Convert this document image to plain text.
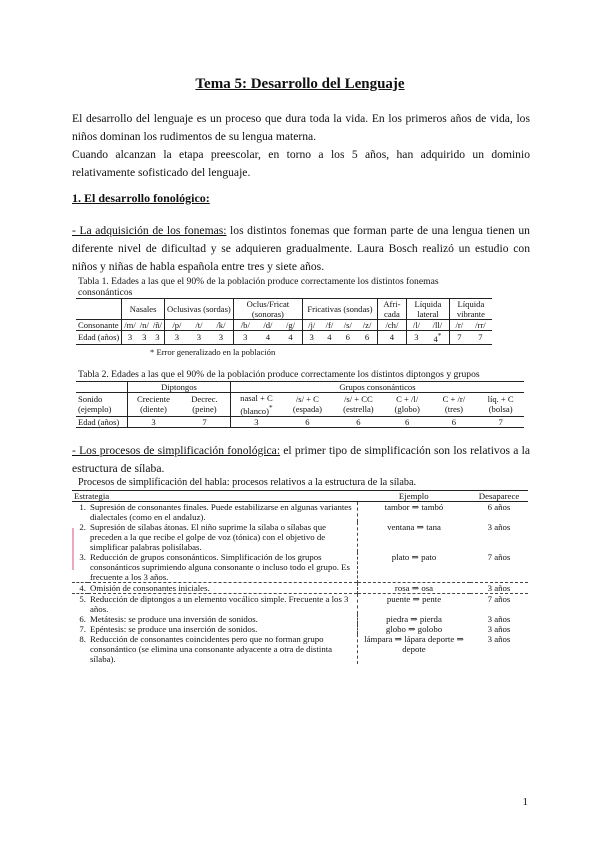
Tema 5: Desarrollo del Lenguaje
El desarrollo del lenguaje es un proceso que dura toda la vida. En los primeros años de vida, los niños dominan los rudimentos de su lengua materna.
Cuando alcanzan la etapa preescolar, en torno a los 5 años, han adquirido un dominio relativamente sofisticado del lenguaje.
1. El desarrollo fonológico:
- La adquisición de los fonemas: los distintos fonemas que forman parte de una lengua tienen un diferente nivel de dificultad y se adquieren gradualmente. Laura Bosch realizó un estudio con niños y niñas de habla española entre tres y siete años.
Tabla 1. Edades a las que el 90% de la población produce correctamente los distintos fonemas consonánticos
	Nasales			Oclusivas (sordas)			Oclus/Fricat (sonoras)			Fricativas (sondas)				Afri-cada	Líquida lateral		Líquida vibrante	
Consonante	/m/	/n/	/ñ/	/p/	/t/	/k/	/b/	/d/	/g/	/j/	/f/	/s/	/z/	/ch/	/l/	/ll/	/r/	/rr/
Edad (años)	3	3	3	3	3	3	3	4	4	3	4	6	6	4	3	4*	7	7
* Error generalizado en la población
Tabla 2. Edades a las que el 90% de la población produce correctamente los distintos diptongos y grupos
	Diptongos		Grupos consonánticos					
Sonido (ejemplo)	Creciente (diente)	Decrec. (peine)	nasal + C (blanco)*	/s/ + C (espada)	/s/ + CC (estrella)	C + /l/ (globo)	C + /r/ (tres)	líq. + C (bolsa)
Edad (años)	3	7	3	6	6	6	6	7
- Los procesos de simplificación fonológica: el primer tipo de simplificación son los relativos a la estructura de sílaba.
Procesos de simplificación del habla: procesos relativos a la estructura de la sílaba.
Estrategia		Ejemplo	Desaparece
1.	Supresión de consonantes finales. Puede estabilizarse en algunas variantes dialectales (como en el andaluz).	tambor ⇒ tambó	6 años
2.	Supresión de sílabas átonas. El niño suprime la sílaba o sílabas que preceden a la que recibe el golpe de voz (tónica) con el objetivo de simplificar palabras polisílabas.	ventana ⇒ tana	3 años
3.	Reducción de grupos consonánticos. Simplificación de los grupos consonánticos suprimiendo alguna consonante o incluso todo el grupo. Es frecuente a los 3 años.	plato ⇒ pato	7 años
4.	Omisión de consonantes iniciales.	rosa ⇒ osa	3 años
5.	Reducción de diptongos a un elemento vocálico simple. Frecuente a los 3 años.	puente ⇒ pente	7 años
6.	Metátesis: se produce una inversión de sonidos.	piedra ⇒ pierda	3 años
7.	Epéntesis: se produce una inserción de sonidos.	globo ⇒ golobo	3 años
8.	Reducción de consonantes coincidentes pero que no forman grupo consonántico (se elimina una consonante adyacente a otra de distinta sílaba).	lámpara ⇒ lápara deporte ⇒ depote	3 años
1
